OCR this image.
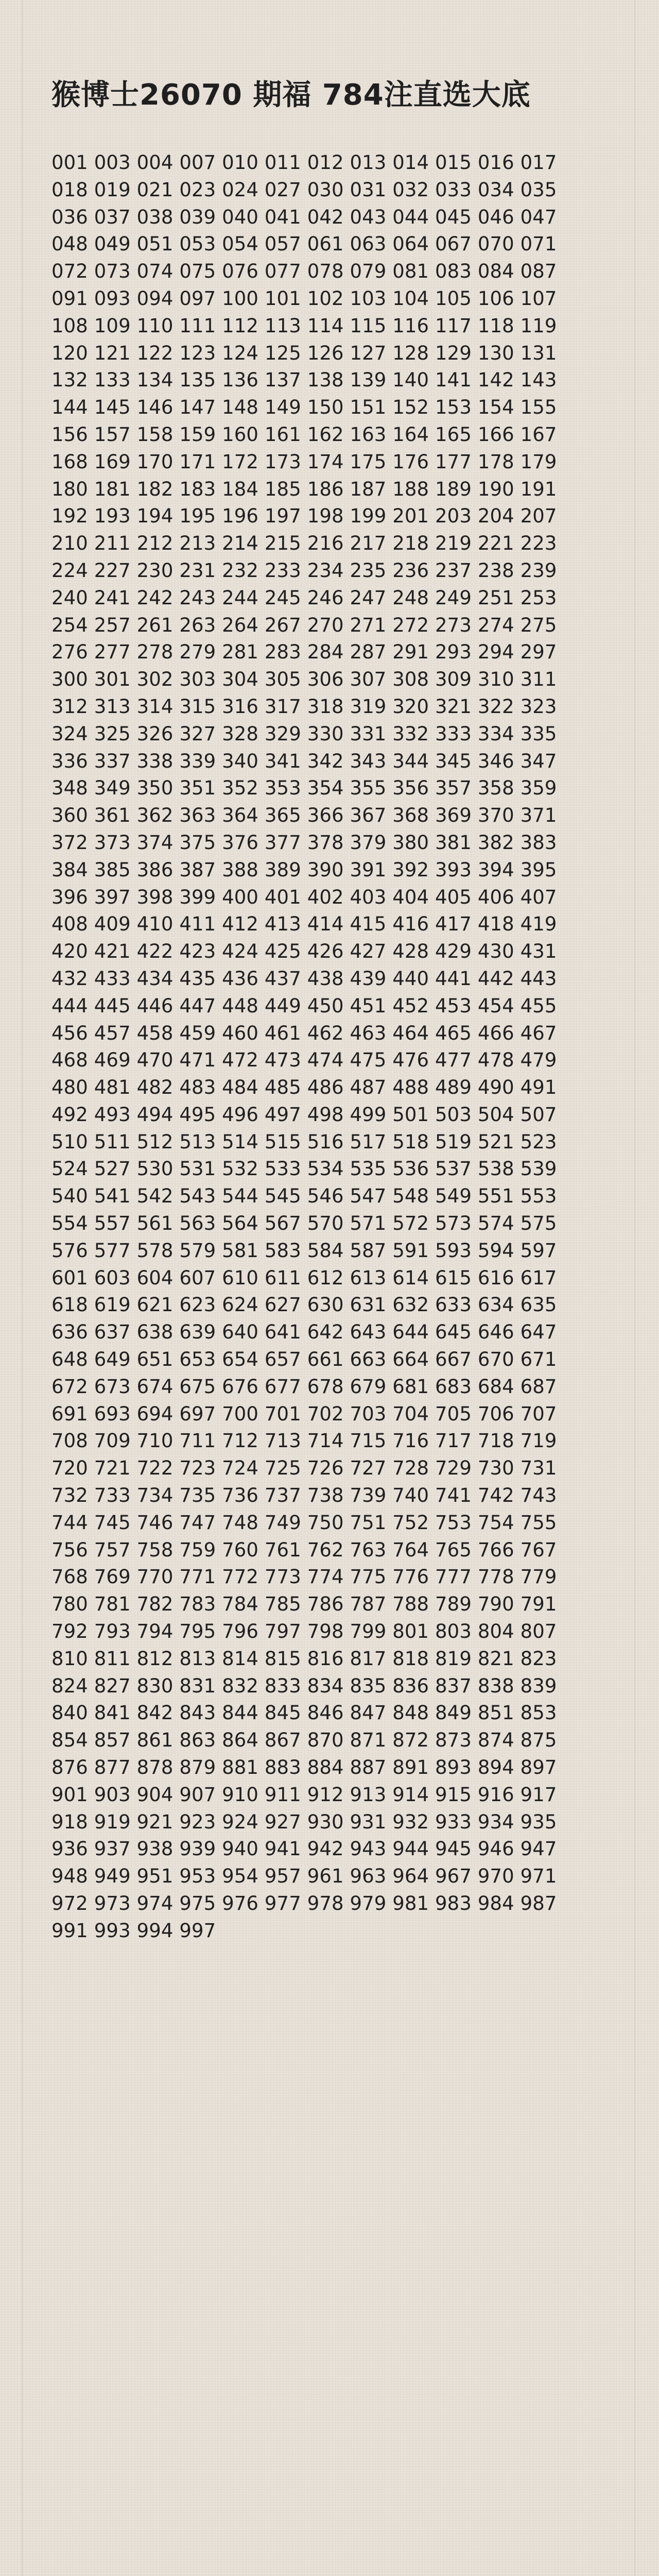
猴博士26070 期福 784注直选大底
001 003 004 007 010 011 012 013 014 015 016 017
018 019 021 023 024 027 030 031 032 033 034 035
036 037 038 039 040 041 042 043 044 045 046 047
048 049 051 053 054 057 061 063 064 067 070 071
072 073 074 075 076 077 078 079 081 083 084 087
091 093 094 097 100 101 102 103 104 105 106 107
108 109 110 111 112 113 114 115 116 117 118 119
120 121 122 123 124 125 126 127 128 129 130 131
132 133 134 135 136 137 138 139 140 141 142 143
144 145 146 147 148 149 150 151 152 153 154 155
156 157 158 159 160 161 162 163 164 165 166 167
168 169 170 171 172 173 174 175 176 177 178 179
180 181 182 183 184 185 186 187 188 189 190 191
192 193 194 195 196 197 198 199 201 203 204 207
210 211 212 213 214 215 216 217 218 219 221 223
224 227 230 231 232 233 234 235 236 237 238 239
240 241 242 243 244 245 246 247 248 249 251 253
254 257 261 263 264 267 270 271 272 273 274 275
276 277 278 279 281 283 284 287 291 293 294 297
300 301 302 303 304 305 306 307 308 309 310 311
312 313 314 315 316 317 318 319 320 321 322 323
324 325 326 327 328 329 330 331 332 333 334 335
336 337 338 339 340 341 342 343 344 345 346 347
348 349 350 351 352 353 354 355 356 357 358 359
360 361 362 363 364 365 366 367 368 369 370 371
372 373 374 375 376 377 378 379 380 381 382 383
384 385 386 387 388 389 390 391 392 393 394 395
396 397 398 399 400 401 402 403 404 405 406 407
408 409 410 411 412 413 414 415 416 417 418 419
420 421 422 423 424 425 426 427 428 429 430 431
432 433 434 435 436 437 438 439 440 441 442 443
444 445 446 447 448 449 450 451 452 453 454 455
456 457 458 459 460 461 462 463 464 465 466 467
468 469 470 471 472 473 474 475 476 477 478 479
480 481 482 483 484 485 486 487 488 489 490 491
492 493 494 495 496 497 498 499 501 503 504 507
510 511 512 513 514 515 516 517 518 519 521 523
524 527 530 531 532 533 534 535 536 537 538 539
540 541 542 543 544 545 546 547 548 549 551 553
554 557 561 563 564 567 570 571 572 573 574 575
576 577 578 579 581 583 584 587 591 593 594 597
601 603 604 607 610 611 612 613 614 615 616 617
618 619 621 623 624 627 630 631 632 633 634 635
636 637 638 639 640 641 642 643 644 645 646 647
648 649 651 653 654 657 661 663 664 667 670 671
672 673 674 675 676 677 678 679 681 683 684 687
691 693 694 697 700 701 702 703 704 705 706 707
708 709 710 711 712 713 714 715 716 717 718 719
720 721 722 723 724 725 726 727 728 729 730 731
732 733 734 735 736 737 738 739 740 741 742 743
744 745 746 747 748 749 750 751 752 753 754 755
756 757 758 759 760 761 762 763 764 765 766 767
768 769 770 771 772 773 774 775 776 777 778 779
780 781 782 783 784 785 786 787 788 789 790 791
792 793 794 795 796 797 798 799 801 803 804 807
810 811 812 813 814 815 816 817 818 819 821 823
824 827 830 831 832 833 834 835 836 837 838 839
840 841 842 843 844 845 846 847 848 849 851 853
854 857 861 863 864 867 870 871 872 873 874 875
876 877 878 879 881 883 884 887 891 893 894 897
901 903 904 907 910 911 912 913 914 915 916 917
918 919 921 923 924 927 930 931 932 933 934 935
936 937 938 939 940 941 942 943 944 945 946 947
948 949 951 953 954 957 961 963 964 967 970 971
972 973 974 975 976 977 978 979 981 983 984 987
991 993 994 997
